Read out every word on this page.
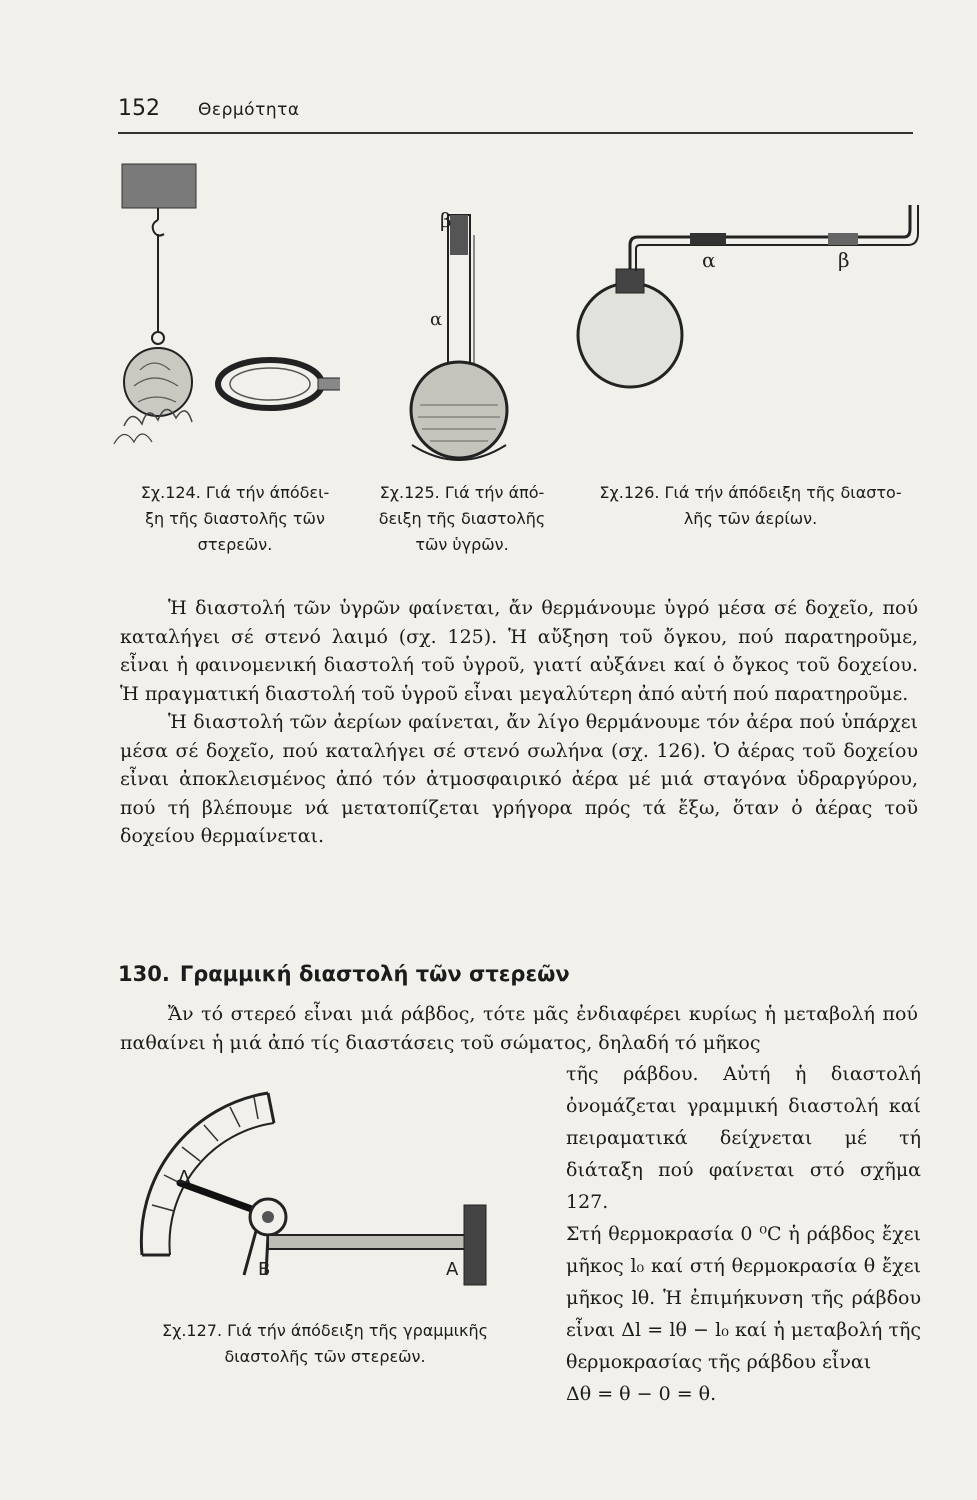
152 Θερμότητα
β
α
α	β
Σχ.124. Γιά τήν άπόδει-
ξη τῆς διαστολῆς τῶν
στερεῶν.
Σχ.125. Γιά τήν άπό-
δειξη τῆς διαστολῆς
τῶν ὑγρῶν.
Σχ.126. Γιά τήν άπόδειξη τῆς διαστο-
λῆς τῶν άερίων.

Ἡ διαστολή τῶν ὑγρῶν φαίνεται, ἄν θερμάνουμε ὑγρό μέσα σέ δοχεῖο, πού καταλήγει σέ στενό λαιμό (σχ. 125). Ἡ αὔξηση τοῦ ὄγκου, πού παρατηροῦμε, εἶναι ἡ φαινομενική διαστολή τοῦ ὑγροῦ, γιατί αὐξάνει καί ὁ ὄγκος τοῦ δοχείου. Ἡ πραγματική διαστολή τοῦ ὑγροῦ εἶναι μεγαλύτερη ἀπό αὐτή πού παρατηροῦμε.

Ἡ διαστολή τῶν ἀερίων φαίνεται, ἄν λίγο θερμάνουμε τόν ἀέρα πού ὑπάρχει μέσα σέ δοχεῖο, πού καταλήγει σέ στενό σωλήνα (σχ. 126). Ὁ ἀέρας τοῦ δοχείου εἶναι ἀποκλεισμένος ἀπό τόν ἀτμοσφαιρικό ἀέρα μέ μιά σταγόνα ὑδραργύρου, πού τή βλέπουμε νά μετατοπίζεται γρήγορα πρός τά ἔξω, ὅταν ὁ ἀέρας τοῦ δοχείου θερμαίνεται.

130. Γραμμική διαστολή τῶν στερεῶν

Ἄν τό στερεό εἶναι μιά ράβδος, τότε μᾶς ἐνδιαφέρει κυρίως ἡ μεταβολή πού παθαίνει ἡ μιά ἀπό τίς διαστάσεις τοῦ σώματος, δηλαδή τό μῆκος

Δ
B	A
Σχ.127. Γιά τήν άπόδειξη τῆς γραμμικῆς
διαστολῆς τῶν στερεῶν.

τῆς ράβδου. Αὐτή ἡ διαστολή ὀνομάζεται γραμμική διαστολή καί πειραματικά δείχνεται μέ τή διάταξη πού φαίνεται στό σχῆμα 127.

Στή θερμοκρασία 0 ⁰C ἡ ράβδος ἔχει μῆκος l₀ καί στή θερμοκρασία θ ἔχει μῆκος lθ. Ἡ ἐπιμήκυνση τῆς ράβδου εἶναι Δl = lθ − l₀ καί ἡ μεταβολή τῆς θερμοκρασίας τῆς ράβδου εἶναι

Δθ = θ − 0 = θ.
